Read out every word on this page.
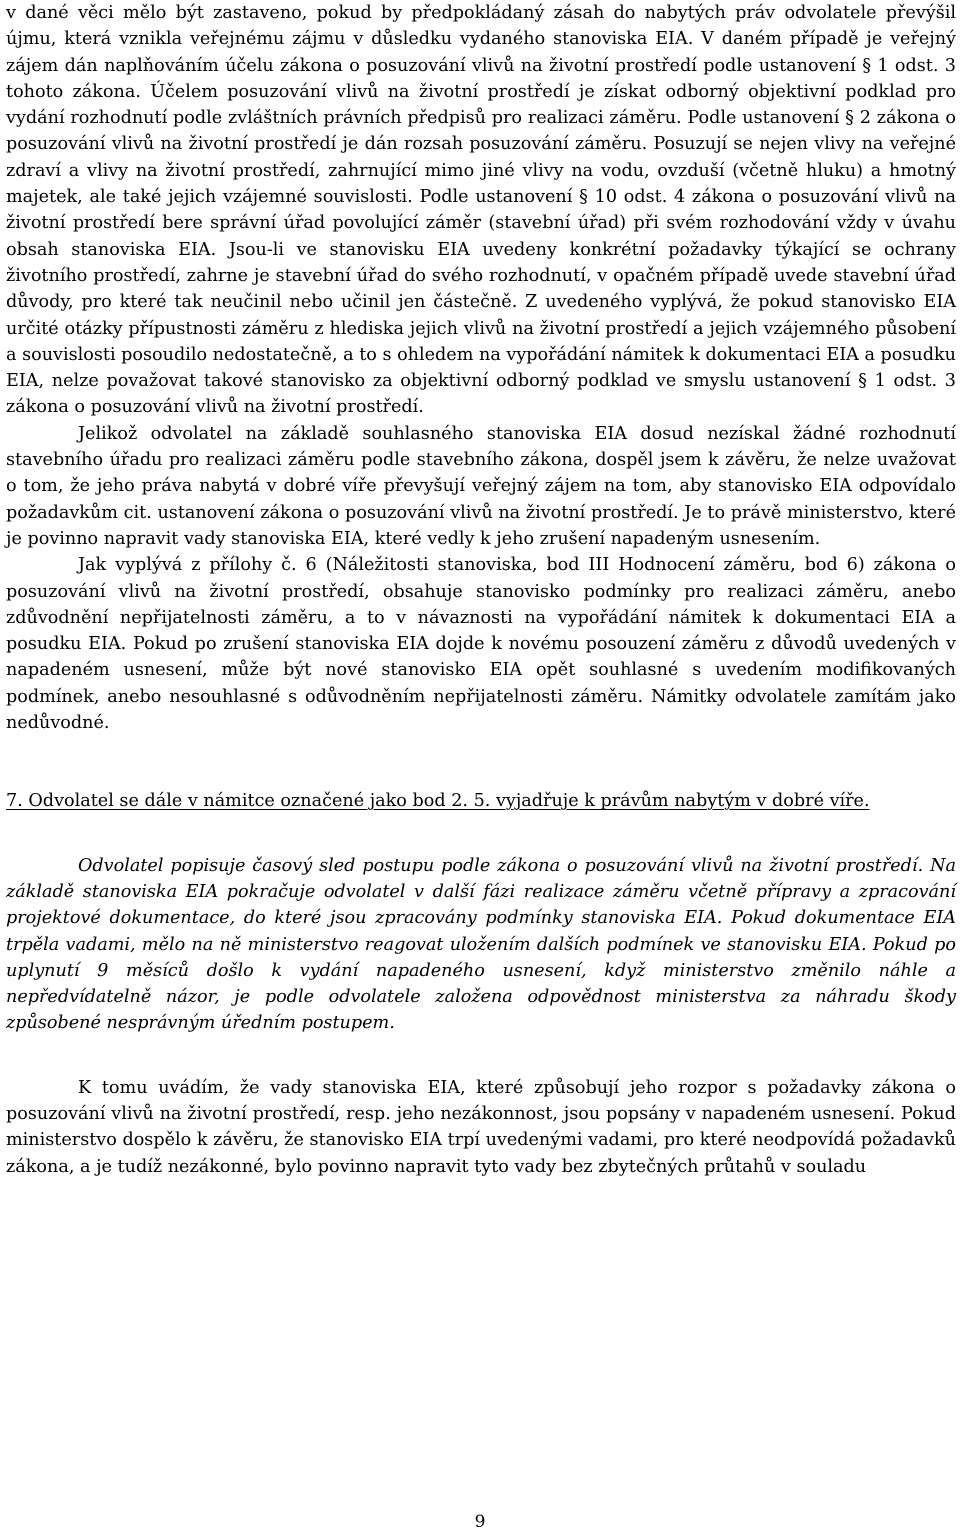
v dané věci mělo být zastaveno, pokud by předpokládaný zásah do nabytých práv odvolatele převýšil újmu, která vznikla veřejnému zájmu v důsledku vydaného stanoviska EIA. V daném případě je veřejný zájem dán naplňováním účelu zákona o posuzování vlivů na životní prostředí podle ustanovení § 1 odst. 3 tohoto zákona. Účelem posuzování vlivů na životní prostředí je získat odborný objektivní podklad pro vydání rozhodnutí podle zvláštních právních předpisů pro realizaci záměru. Podle ustanovení § 2 zákona o posuzování vlivů na životní prostředí je dán rozsah posuzování záměru. Posuzují se nejen vlivy na veřejné zdraví a vlivy na životní prostředí, zahrnující mimo jiné vlivy na vodu, ovzduší (včetně hluku) a hmotný majetek, ale také jejich vzájemné souvislosti. Podle ustanovení § 10 odst. 4 zákona o posuzování vlivů na životní prostředí bere správní úřad povolující záměr (stavební úřad) při svém rozhodování vždy v úvahu obsah stanoviska EIA. Jsou-li ve stanovisku EIA uvedeny konkrétní požadavky týkající se ochrany životního prostředí, zahrne je stavební úřad do svého rozhodnutí, v opačném případě uvede stavební úřad důvody, pro které tak neučinil nebo učinil jen částečně. Z uvedeného vyplývá, že pokud stanovisko EIA určité otázky přípustnosti záměru z hlediska jejich vlivů na životní prostředí a jejich vzájemného působení a souvislosti posoudilo nedostatečně, a to s ohledem na vypořádání námitek k dokumentaci EIA a posudku EIA, nelze považovat takové stanovisko za objektivní odborný podklad ve smyslu ustanovení § 1 odst. 3 zákona o posuzování vlivů na životní prostředí.

Jelikož odvolatel na základě souhlasného stanoviska EIA dosud nezískal žádné rozhodnutí stavebního úřadu pro realizaci záměru podle stavebního zákona, dospěl jsem k závěru, že nelze uvažovat o tom, že jeho práva nabytá v dobré víře převyšují veřejný zájem na tom, aby stanovisko EIA odpovídalo požadavkům cit. ustanovení zákona o posuzování vlivů na životní prostředí. Je to právě ministerstvo, které je povinno napravit vady stanoviska EIA, které vedly k jeho zrušení napadeným usnesením.

Jak vyplývá z přílohy č. 6 (Náležitosti stanoviska, bod III Hodnocení záměru, bod 6) zákona o posuzování vlivů na životní prostředí, obsahuje stanovisko podmínky pro realizaci záměru, anebo zdůvodnění nepřijatelnosti záměru, a to v návaznosti na vypořádání námitek k dokumentaci EIA a posudku EIA. Pokud po zrušení stanoviska EIA dojde k novému posouzení záměru z důvodů uvedených v napadeném usnesení, může být nové stanovisko EIA opět souhlasné s uvedením modifikovaných podmínek, anebo nesouhlasné s odůvodněním nepřijatelnosti záměru. Námitky odvolatele zamítám jako nedůvodné.

7. Odvolatel se dále v námitce označené jako bod 2. 5. vyjadřuje k právům nabytým v dobré víře.

Odvolatel popisuje časový sled postupu podle zákona o posuzování vlivů na životní prostředí. Na základě stanoviska EIA pokračuje odvolatel v další fázi realizace záměru včetně přípravy a zpracování projektové dokumentace, do které jsou zpracovány podmínky stanoviska EIA. Pokud dokumentace EIA trpěla vadami, mělo na ně ministerstvo reagovat uložením dalších podmínek ve stanovisku EIA. Pokud po uplynutí 9 měsíců došlo k vydání napadeného usnesení, když ministerstvo změnilo náhle a nepředvídatelně názor, je podle odvolatele založena odpovědnost ministerstva za náhradu škody způsobené nesprávným úředním postupem.

K tomu uvádím, že vady stanoviska EIA, které způsobují jeho rozpor s požadavky zákona o posuzování vlivů na životní prostředí, resp. jeho nezákonnost, jsou popsány v napadeném usnesení. Pokud ministerstvo dospělo k závěru, že stanovisko EIA trpí uvedenými vadami, pro které neodpovídá požadavků zákona, a je tudíž nezákonné, bylo povinno napravit tyto vady bez zbytečných průtahů v souladu

9
